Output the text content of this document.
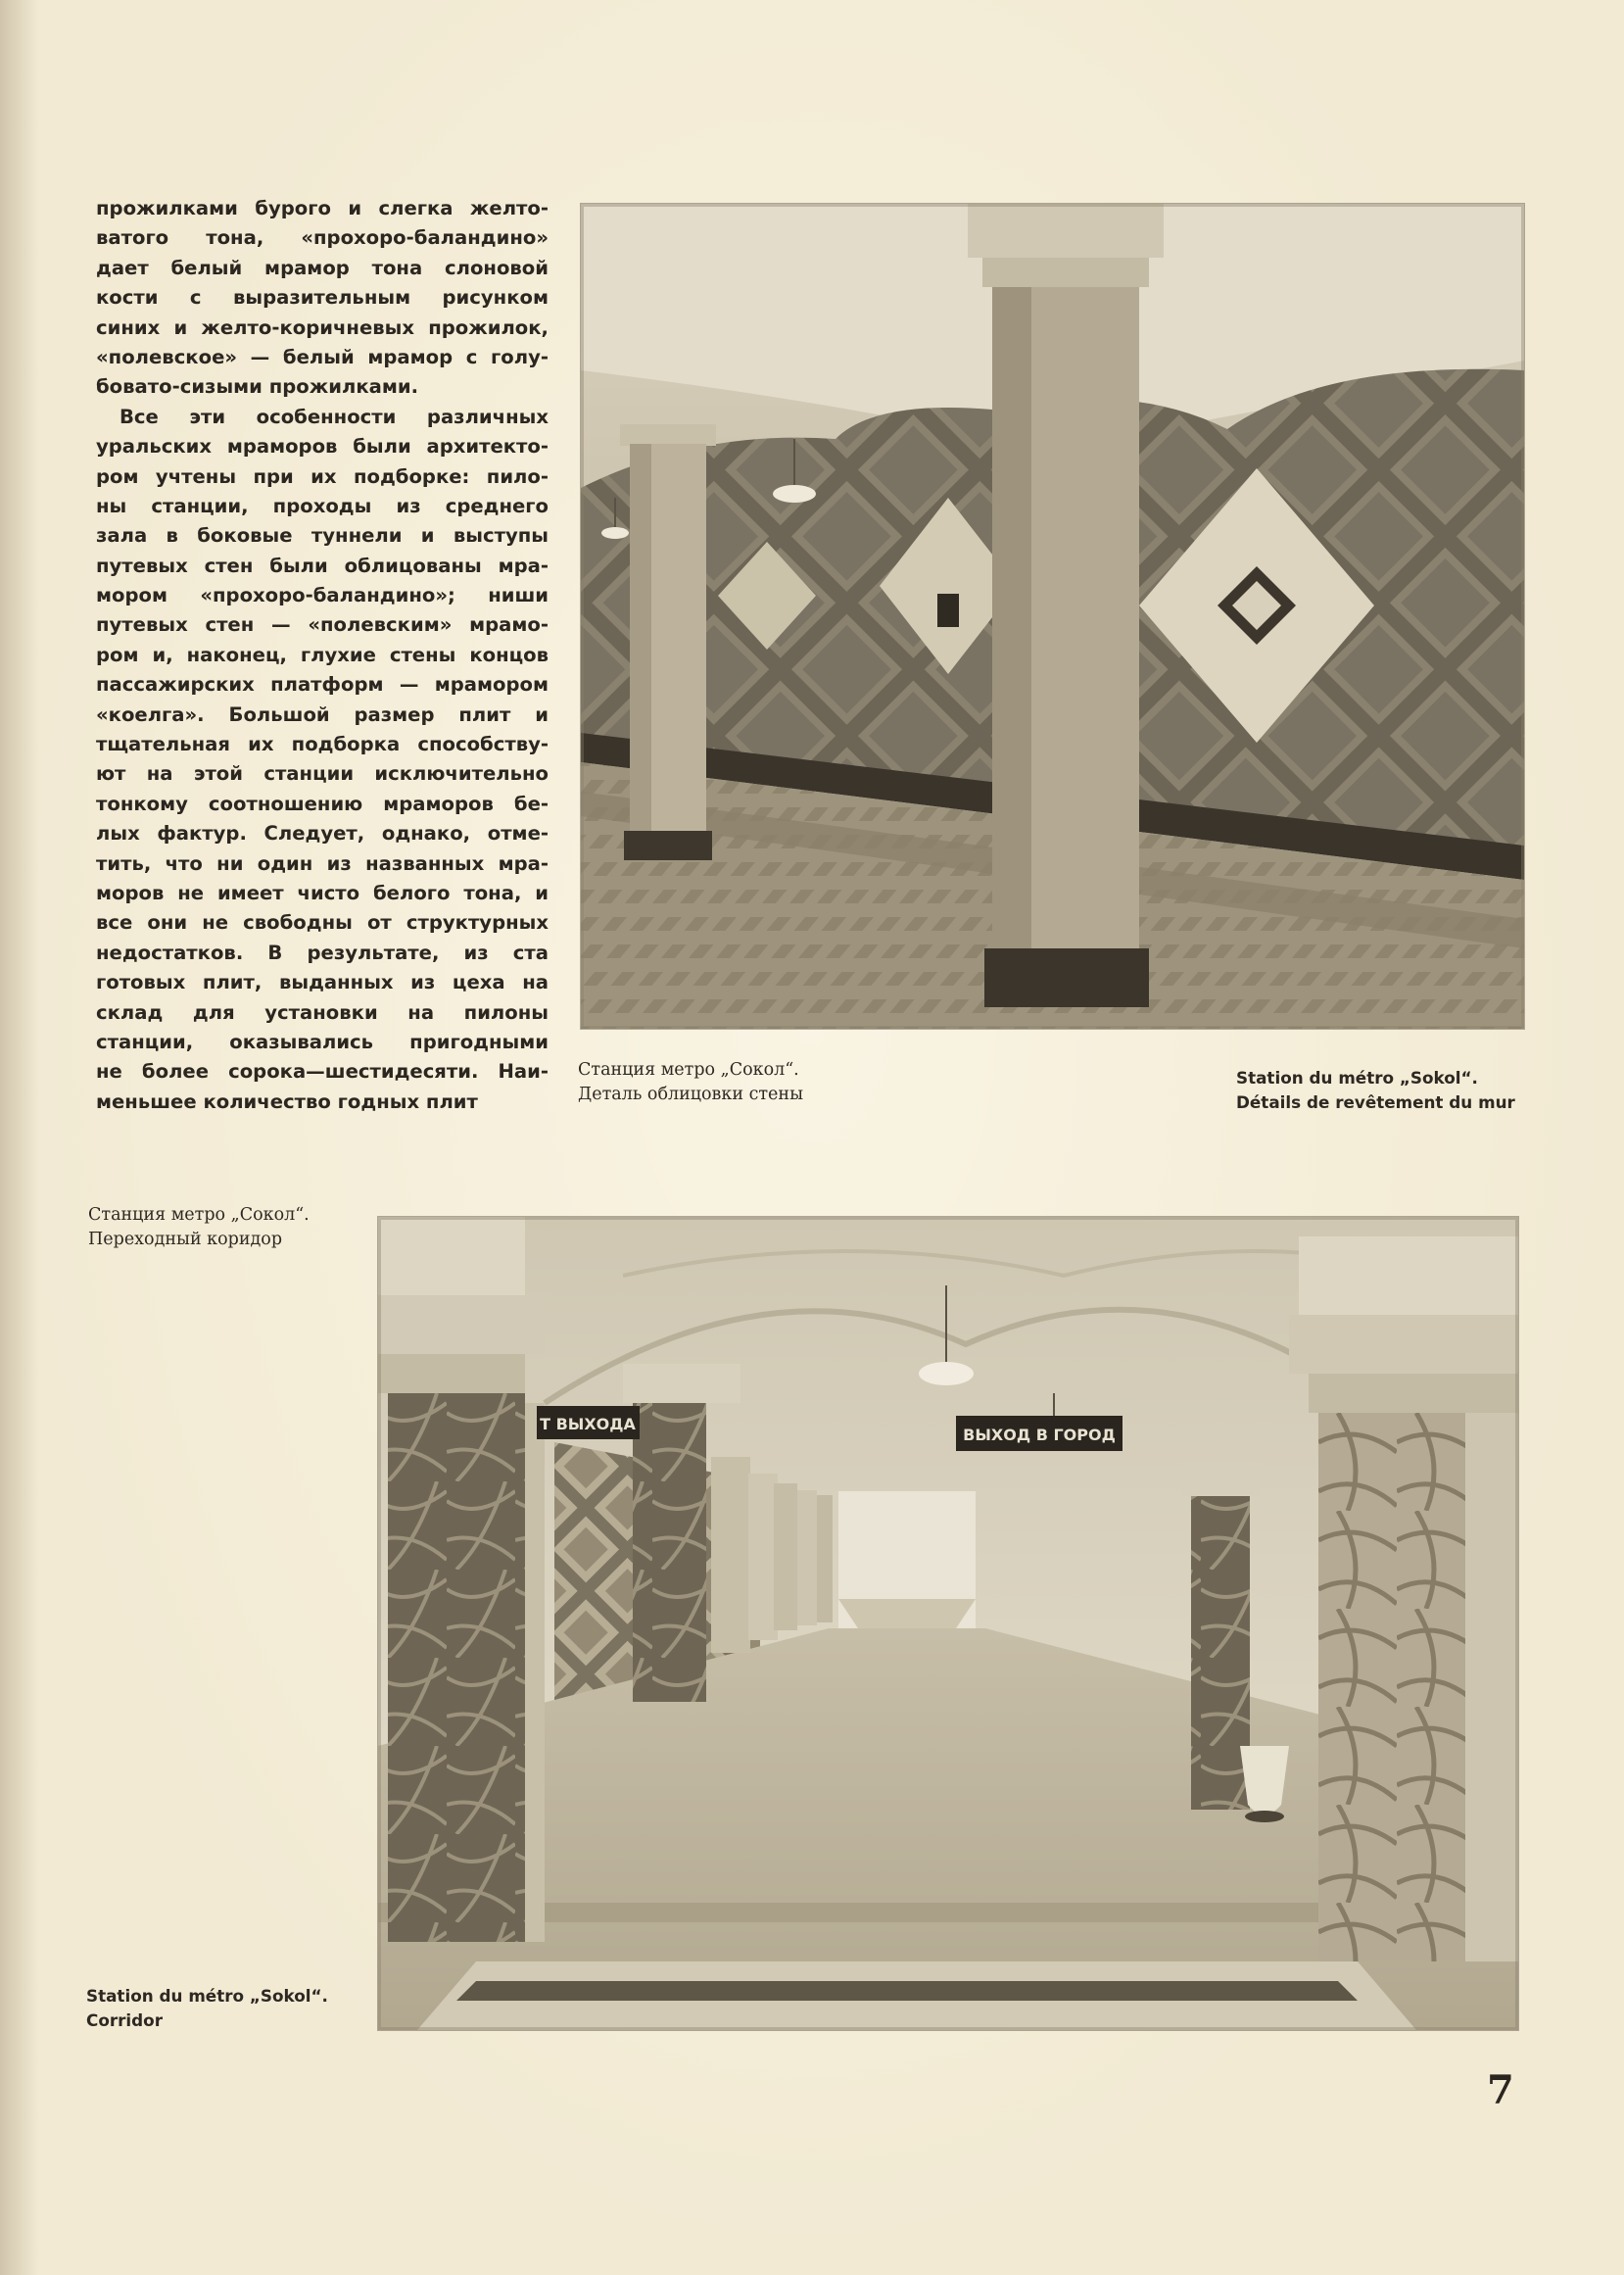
прожилками бурого и слегка желто-
ватого тона, «прохоро-баландино»
дает белый мрамор тона слоновой
кости с выразительным рисунком
синих и желто-коричневых прожилок,
«полевское» — белый мрамор с голу-
бовато-сизыми прожилками.
Все эти особенности различных
уральских мраморов были архитекто-
ром учтены при их подборке: пило-
ны станции, проходы из среднего
зала в боковые туннели и выступы
путевых стен были облицованы мра-
мором «прохоро-баландино»; ниши
путевых стен — «полевским» мрамо-
ром и, наконец, глухие стены концов
пассажирских платформ — мрамором
«коелга». Большой размер плит и
тщательная их подборка способству-
ют на этой станции исключительно
тонкому соотношению мраморов бе-
лых фактур. Следует, однако, отме-
тить, что ни один из названных мра-
моров не имеет чисто белого тона, и
все они не свободны от структурных
недостатков. В результате, из ста
готовых плит, выданных из цеха на
склад для установки на пилоны
станции, оказывались пригодными
не более сорока—шестидесяти. Наи-
меньшее количество годных плит
Станция метро „Сокол“.
Деталь облицовки стены
Station du métro „Sokol“.
Détails de revêtement du mur
Станция метро „Сокол“.
Переходный коридор
Station du métro „Sokol“.
Corridor
Т ВЫХОДА
ВЫХОД В ГОРОД
7
